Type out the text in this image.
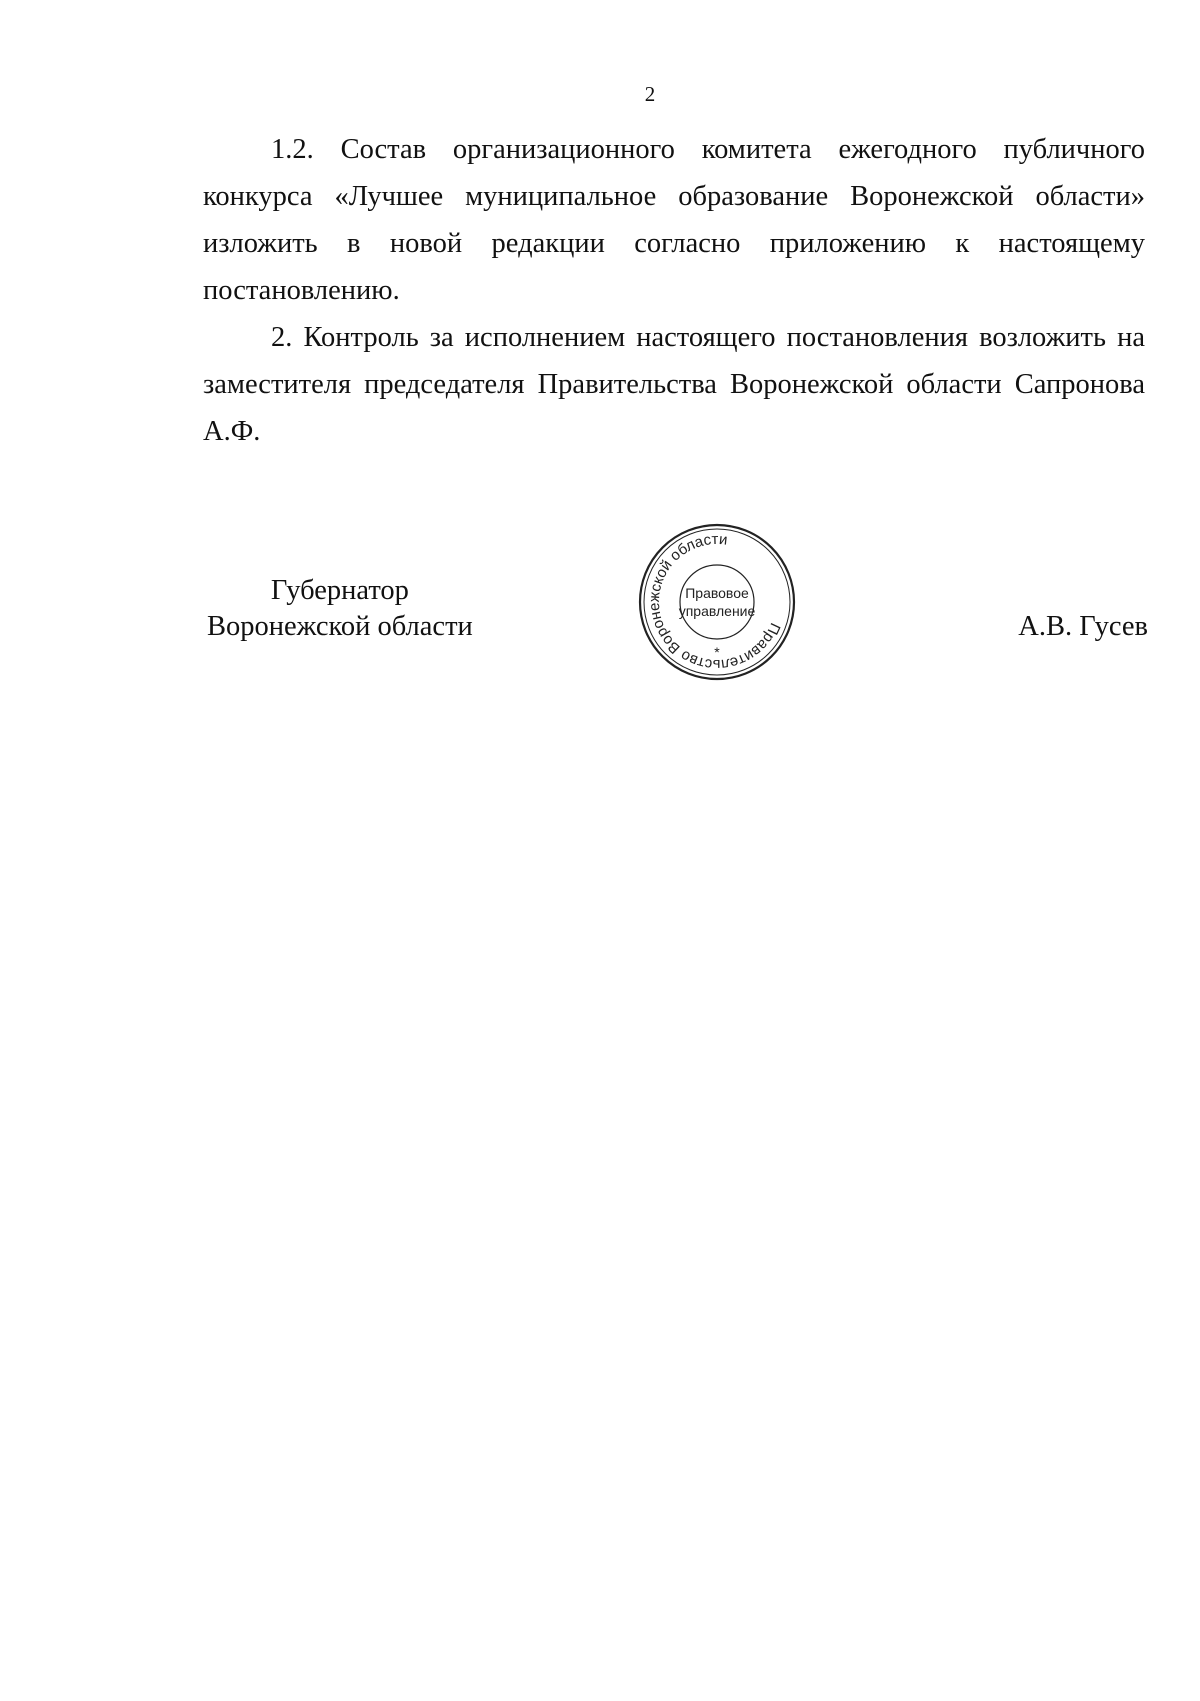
2

1.2. Состав организационного комитета ежегодного публичного конкурса «Лучшее муниципальное образование Воронежской области» изложить в новой редакции согласно приложению к настоящему постановлению.

2. Контроль за исполнением настоящего постановления возложить на заместителя председателя Правительства Воронежской области Сапронова А.Ф.

Губернатор
Воронежской области	Правительство Воронежской области
Правовое
управление
*
А.В. Гусев
